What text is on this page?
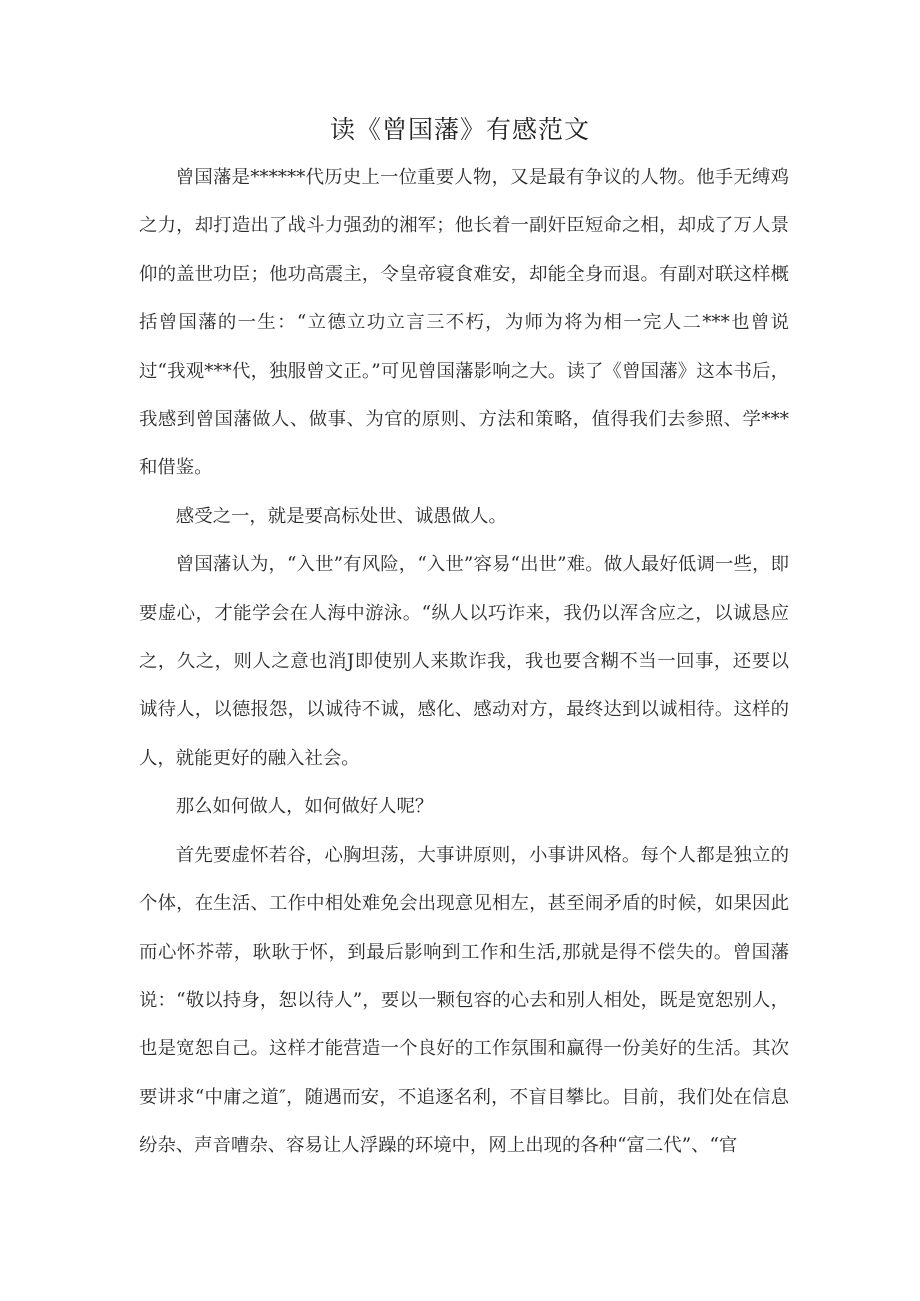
读《曾国藩》有感范文

曾国藩是******代历史上一位重要人物，又是最有争议的人物。他手无缚鸡之力，却打造出了战斗力强劲的湘军；他长着一副奸臣短命之相，却成了万人景仰的盖世功臣；他功高震主，令皇帝寝食难安，却能全身而退。有副对联这样概括曾国藩的一生：“立德立功立言三不朽，为师为将为相一完人二***也曾说过“我观***代，独服曾文正。”可见曾国藩影响之大。读了《曾国藩》这本书后，我感到曾国藩做人、做事、为官的原则、方法和策略，值得我们去参照、学***和借鉴。

感受之一，就是要高标处世、诚愚做人。

曾国藩认为，“入世”有风险，“入世”容易“出世”难。做人最好低调一些，即要虚心，才能学会在人海中游泳。“纵人以巧诈来，我仍以浑含应之，以诚恳应之，久之，则人之意也消J即使别人来欺诈我，我也要含糊不当一回事，还要以诚待人，以德报怨，以诚待不诚，感化、感动对方，最终达到以诚相待。这样的人，就能更好的融入社会。

那么如何做人，如何做好人呢？

首先要虚怀若谷，心胸坦荡，大事讲原则，小事讲风格。每个人都是独立的个体，在生活、工作中相处难免会出现意见相左，甚至闹矛盾的时候，如果因此而心怀芥蒂，耿耿于怀，到最后影响到工作和生活,那就是得不偿失的。曾国藩说：“敬以持身，恕以待人”，要以一颗包容的心去和别人相处，既是宽恕别人，也是宽恕自己。这样才能营造一个良好的工作氛围和赢得一份美好的生活。其次要讲求“中庸之道″，随遇而安，不追逐名利，不盲目攀比。目前，我们处在信息纷杂、声音嘈杂、容易让人浮躁的环境中，网上出现的各种“富二代”、“官
